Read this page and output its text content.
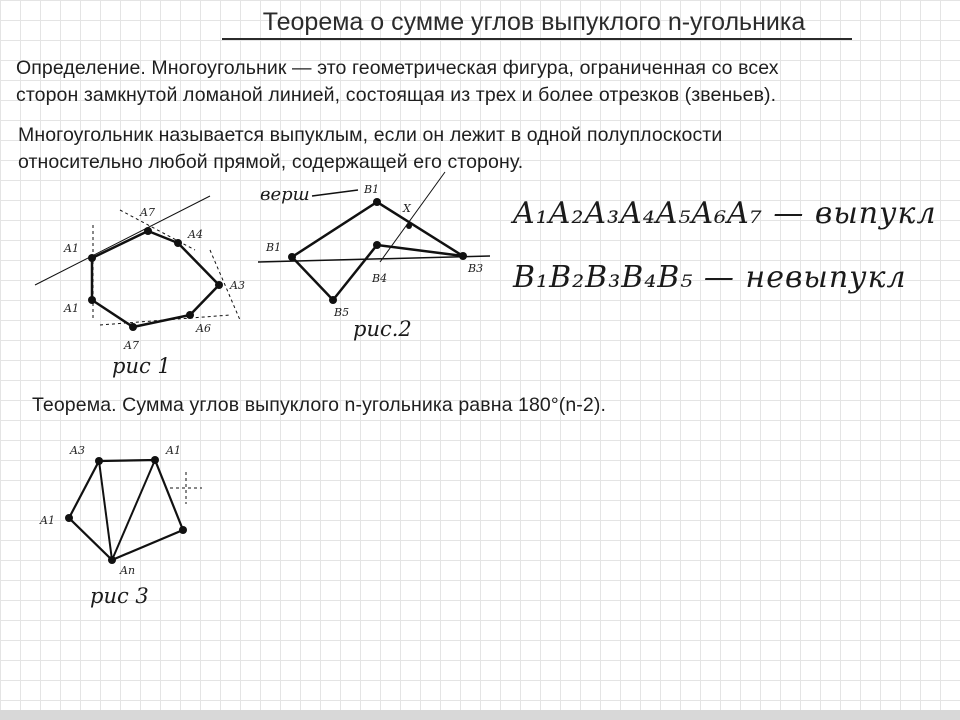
Теорема о сумме углов выпуклого n-угольника
Определение. Многоугольник — это геометрическая фигура, ограниченная со всех
сторон замкнутой ломаной линией, состоящая из трех и более отрезков (звеньев).
Многоугольник называется выпуклым, если он лежит в одной полуплоскости
относительно любой прямой, содержащей его сторону.
A7
A4
A1
A3
A1
A6
A7
B1
X
B1
B4
B3
B5
A3	A1
A1
An
рис 1
рис.2
верш
рис 3
A₁A₂A₃A₄A₅A₆A₇ — выпукл
B₁B₂B₃B₄B₅ — невыпукл
Теорема. Сумма углов выпуклого n-угольника равна 180°(n-2).
